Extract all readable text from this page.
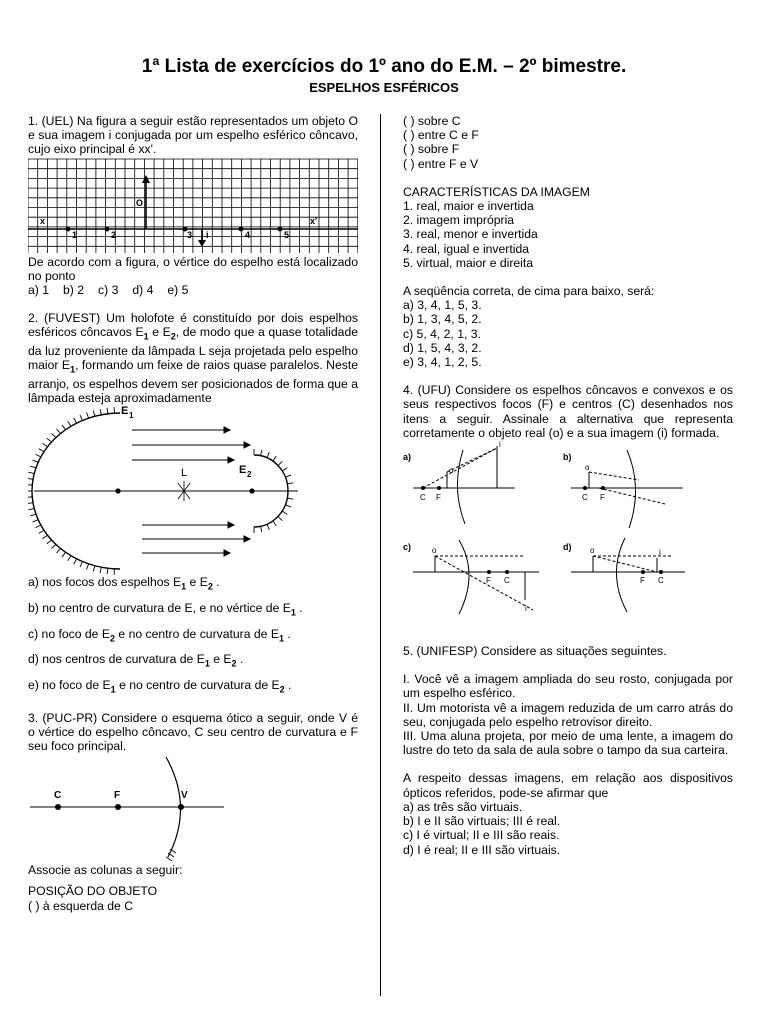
1ª Lista de exercícios do 1º ano do E.M. – 2º bimestre.
ESPELHOS ESFÉRICOS

1. (UEL) Na figura a seguir estão representados um objeto O e sua imagem i conjugada por um espelho esférico côncavo, cujo eixo principal é xx'.

x	x'
O
1	2	3 i	4	5

De acordo com a figura, o vértice do espelho está localizado no ponto

a) 1 b) 2 c) 3 d) 4 e) 5

2. (FUVEST) Um holofote é constituído por dois espelhos esféricos côncavos $E_1$ e $E_2$, de modo que a quase totalidade da luz proveniente da lâmpada L seja projetada pelo espelho maior $E_1$, formando um feixe de raios quase paralelos. Neste arranjo, os espelhos devem ser posicionados de forma que a lâmpada esteja aproximadamente

E 1
E 2
L

a) nos focos dos espelhos $E_1$ e $E_2$ .

b) no centro de curvatura de E, e no vértice de $E_1$ .

c) no foco de $E_2$ e no centro de curvatura de $E_1$ .

d) nos centros de curvatura de $E_1$ e $E_2$ .

e) no foco de $E_1$ e no centro de curvatura de $E_2$ .

3. (PUC-PR) Considere o esquema ótico a seguir, onde V é o vértice do espelho côncavo, C seu centro de curvatura e F seu foco principal.

C	F	V

Associe as colunas a seguir:

POSIÇÃO DO OBJETO

( ) à esquerda de C

( ) sobre C

( ) entre C e F

( ) sobre F

( ) entre F e V

CARACTERÍSTICAS DA IMAGEM

1. real, maior e invertida

2. imagem imprópria

3. real, menor e invertida

4. real, igual e invertida

5. virtual, maior e direita

A seqüência correta, de cima para baixo, será:

a) 3, 4, 1, 5, 3.

b) 1, 3, 4, 5, 2.

c) 5, 4, 2, 1, 3.

d) 1, 5, 4, 3, 2.

e) 3, 4, 1, 2, 5.

4. (UFU) Considere os espelhos côncavos e convexos e os seus respectivos focos (F) e centros (C) desenhados nos itens a seguir. Assinale a alternativa que representa corretamente o objeto real (o) e a sua imagem (i) formada.

a)	b)
c)	d)
C F
o
i
C F
o
F C
o
i
F C
o	i

5. (UNIFESP) Considere as situações seguintes.

I. Você vê a imagem ampliada do seu rosto, conjugada por um espelho esférico.

II. Um motorista vê a imagem reduzida de um carro atrás do seu, conjugada pelo espelho retrovisor direito.

III. Uma aluna projeta, por meio de uma lente, a imagem do lustre do teto da sala de aula sobre o tampo da sua carteira.

A respeito dessas imagens, em relação aos dispositivos ópticos referidos, pode-se afirmar que

a) as três são virtuais.

b) I e II são virtuais; III é real.

c) I é virtual; II e III são reais.

d) I é real; II e III são virtuais.
